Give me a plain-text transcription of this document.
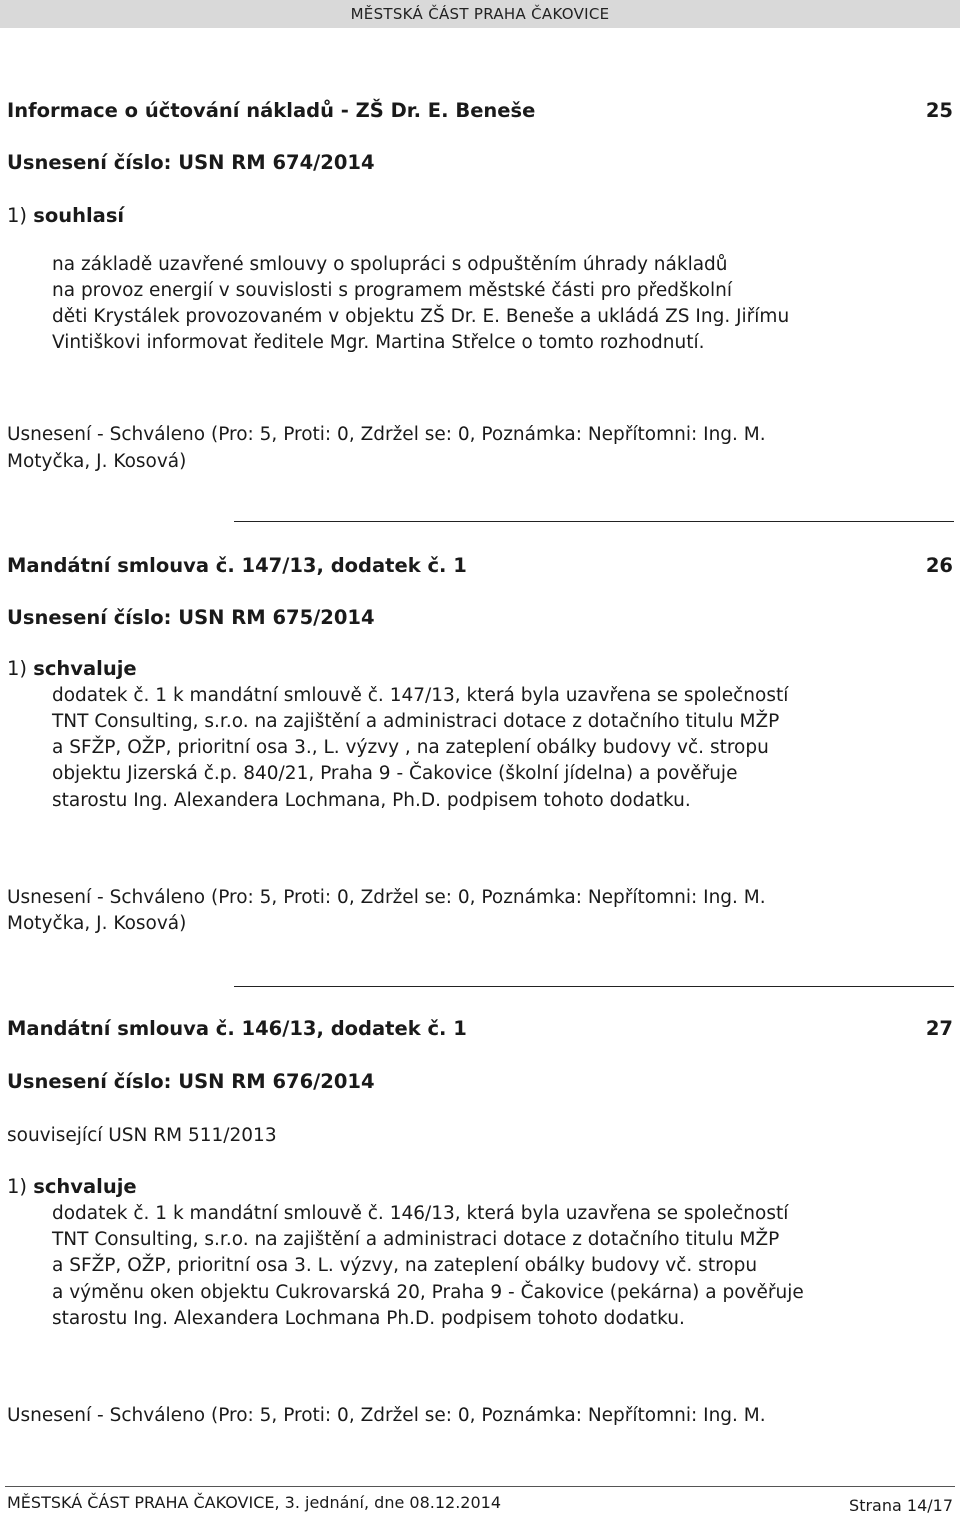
MĚSTSKÁ ČÁST PRAHA ČAKOVICE
Informace o účtování nákladů - ZŠ Dr. E. Beneše	25
Usnesení číslo: USN RM 674/2014
1) souhlasí
na základě uzavřené smlouvy o spolupráci s odpuštěním úhrady nákladů
na provoz energií v souvislosti s programem městské části pro předškolní
děti Krystálek provozovaném v objektu ZŠ Dr. E. Beneše a ukládá ZS Ing. Jiřímu
Vintiškovi informovat ředitele Mgr. Martina Střelce o tomto rozhodnutí.
Usnesení - Schváleno (Pro: 5, Proti: 0, Zdržel se: 0, Poznámka: Nepřítomni: Ing. M.
Motyčka, J. Kosová)
Mandátní smlouva č. 147/13, dodatek č. 1	26
Usnesení číslo: USN RM 675/2014
1) schvaluje
dodatek č. 1 k mandátní smlouvě č. 147/13, která byla uzavřena se společností
TNT Consulting, s.r.o. na zajištění a administraci dotace z dotačního titulu MŽP
a SFŽP, OŽP, prioritní osa 3., L. výzvy , na zateplení obálky budovy vč. stropu
objektu Jizerská č.p. 840/21, Praha 9 - Čakovice (školní jídelna) a pověřuje
starostu Ing. Alexandera Lochmana, Ph.D. podpisem tohoto dodatku.
Usnesení - Schváleno (Pro: 5, Proti: 0, Zdržel se: 0, Poznámka: Nepřítomni: Ing. M.
Motyčka, J. Kosová)
Mandátní smlouva č. 146/13, dodatek č. 1	27
Usnesení číslo: USN RM 676/2014
související USN RM 511/2013
1) schvaluje
dodatek č. 1 k mandátní smlouvě č. 146/13, která byla uzavřena se společností
TNT Consulting, s.r.o. na zajištění a administraci dotace z dotačního titulu MŽP
a SFŽP, OŽP, prioritní osa 3. L. výzvy, na zateplení obálky budovy vč. stropu
a výměnu oken objektu Cukrovarská 20, Praha 9 - Čakovice (pekárna) a pověřuje
starostu Ing. Alexandera Lochmana Ph.D. podpisem tohoto dodatku.
Usnesení - Schváleno (Pro: 5, Proti: 0, Zdržel se: 0, Poznámka: Nepřítomni: Ing. M.
MĚSTSKÁ ČÁST PRAHA ČAKOVICE, 3. jednání, dne 08.12.2014	Strana 14/17
